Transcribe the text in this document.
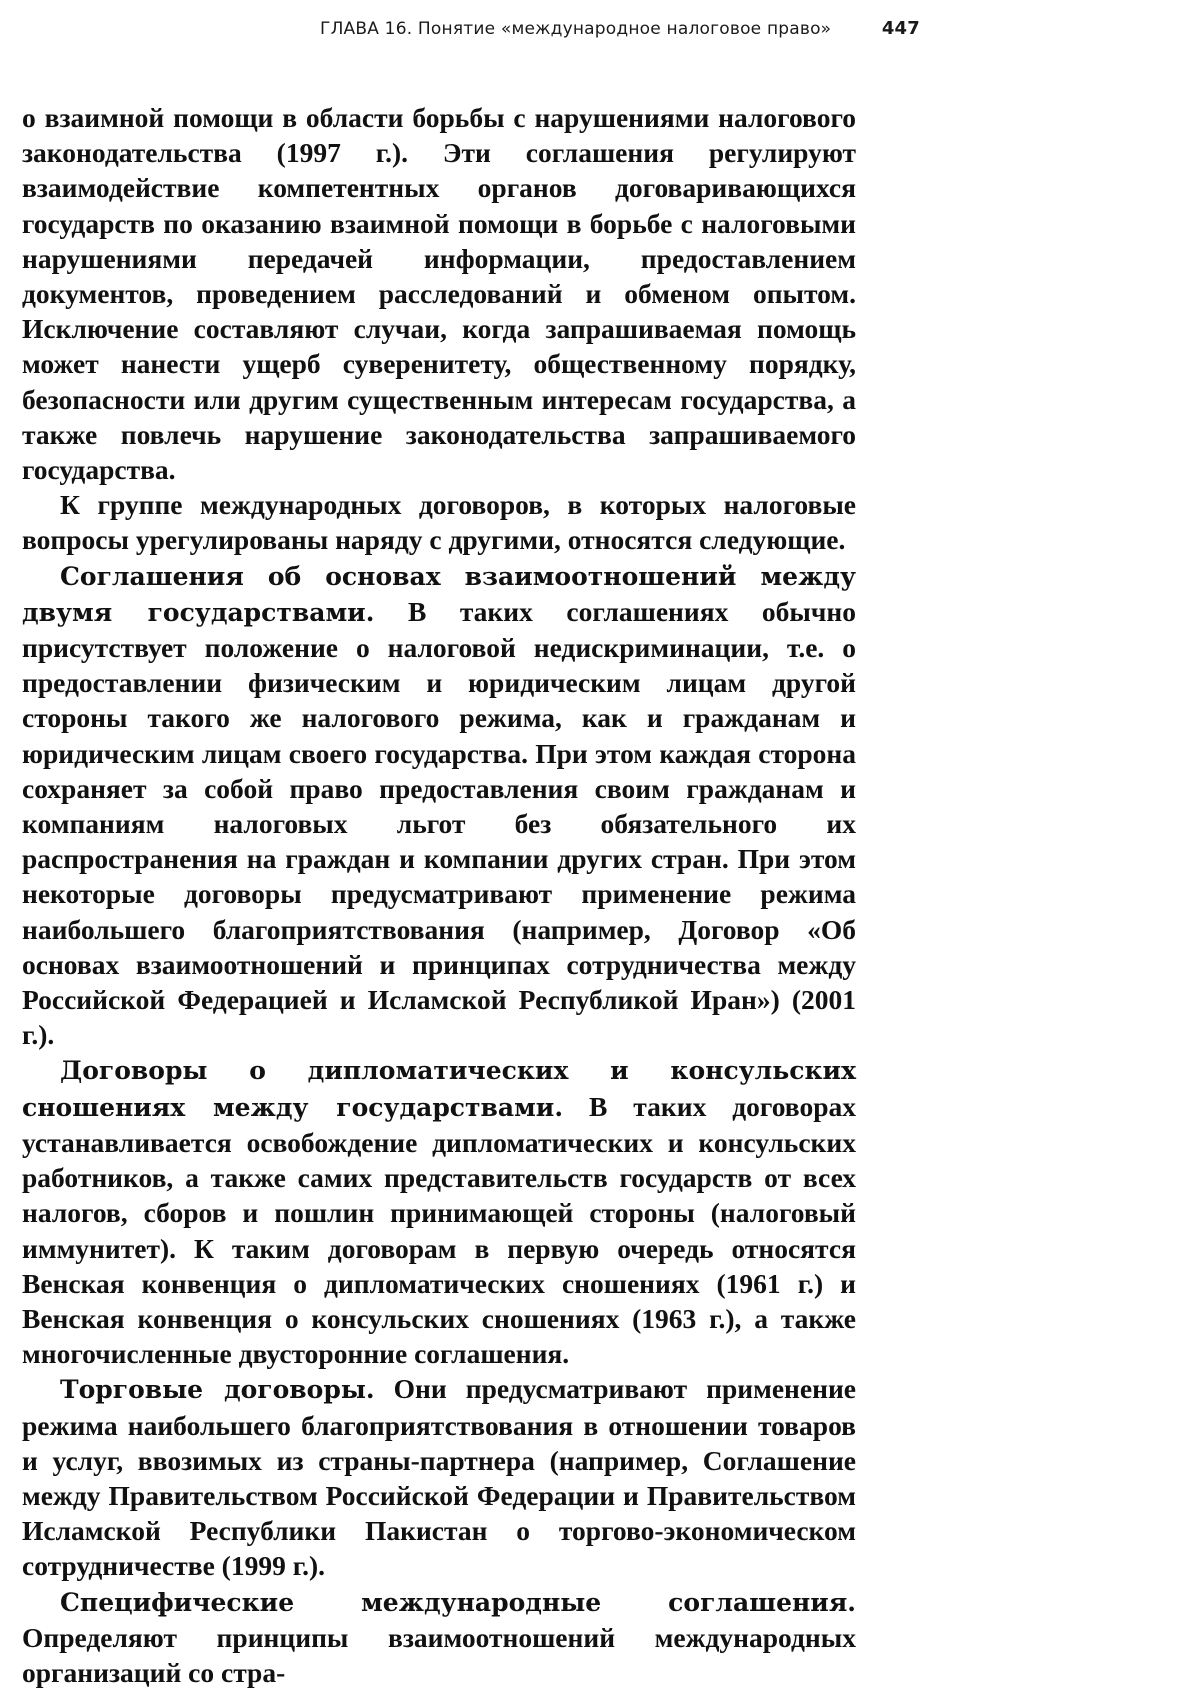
ГЛАВА 16. Понятие «международное налоговое право»	447

о взаимной помощи в области борьбы с нарушениями налогового законодательства (1997 г.). Эти соглашения регулируют взаимодействие компетентных органов договаривающихся государств по оказанию взаимной помощи в борьбе с налоговыми нарушениями передачей информации, предоставлением документов, проведением расследований и обменом опытом. Исключение составляют случаи, когда запрашиваемая помощь может нанести ущерб суверенитету, общественному порядку, безопасности или другим существенным интересам государства, а также повлечь нарушение законодательства запрашиваемого государства.

К группе международных договоров, в которых налоговые вопросы урегулированы наряду с другими, относятся следующие.

Соглашения об основах взаимоотношений между двумя государствами. В таких соглашениях обычно присутствует положение о налоговой недискриминации, т.е. о предоставлении физическим и юридическим лицам другой стороны такого же налогового режима, как и гражданам и юридическим лицам своего государства. При этом каждая сторона сохраняет за собой право предоставления своим гражданам и компаниям налоговых льгот без обязательного их распространения на граждан и компании других стран. При этом некоторые договоры предусматривают применение режима наибольшего благоприятствования (например, Договор «Об основах взаимоотношений и принципах сотрудничества между Российской Федерацией и Исламской Республикой Иран») (2001 г.).

Договоры о дипломатических и консульских сношениях между государствами. В таких договорах устанавливается освобождение дипломатических и консульских работников, а также самих представительств государств от всех налогов, сборов и пошлин принимающей стороны (налоговый иммунитет). К таким договорам в первую очередь относятся Венская конвенция о дипломатических сношениях (1961 г.) и Венская конвенция о консульских сношениях (1963 г.), а также многочисленные двусторонние соглашения.

Торговые договоры. Они предусматривают применение режима наибольшего благоприятствования в отношении товаров и услуг, ввозимых из страны-партнера (например, Соглашение между Правительством Российской Федерации и Правительством Исламской Республики Пакистан о торгово-экономическом сотрудничестве (1999 г.).

Специфические международные соглашения. Определяют принципы взаимоотношений международных организаций со стра-
